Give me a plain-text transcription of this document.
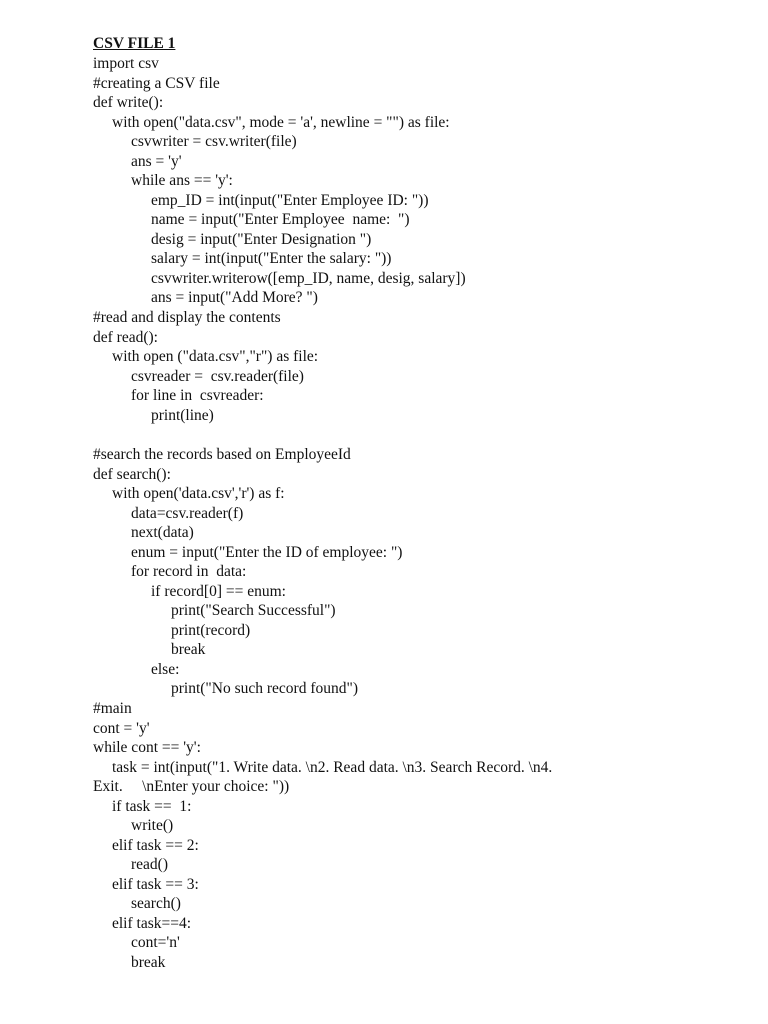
CSV FILE 1
import csv
#creating a CSV file
def write():
with open("data.csv", mode = 'a', newline = "") as file:
csvwriter = csv.writer(file)
ans = 'y'
while ans == 'y':
emp_ID = int(input("Enter Employee ID: "))
name = input("Enter Employee  name:  ")
desig = input("Enter Designation ")
salary = int(input("Enter the salary: "))
csvwriter.writerow([emp_ID, name, desig, salary])
ans = input("Add More? ")
#read and display the contents
def read():
with open ("data.csv","r") as file:
csvreader =  csv.reader(file)
for line in  csvreader:
print(line)
#search the records based on EmployeeId
def search():
with open('data.csv','r') as f:
data=csv.reader(f)
next(data)
enum = input("Enter the ID of employee: ")
for record in  data:
if record[0] == enum:
print("Search Successful")
print(record)
break
else:
print("No such record found")
#main
cont = 'y'
while cont == 'y':
task = int(input("1. Write data. \n2. Read data. \n3. Search Record. \n4.
Exit.     \nEnter your choice: "))
if task ==  1:
write()
elif task == 2:
read()
elif task == 3:
search()
elif task==4:
cont='n'
break
